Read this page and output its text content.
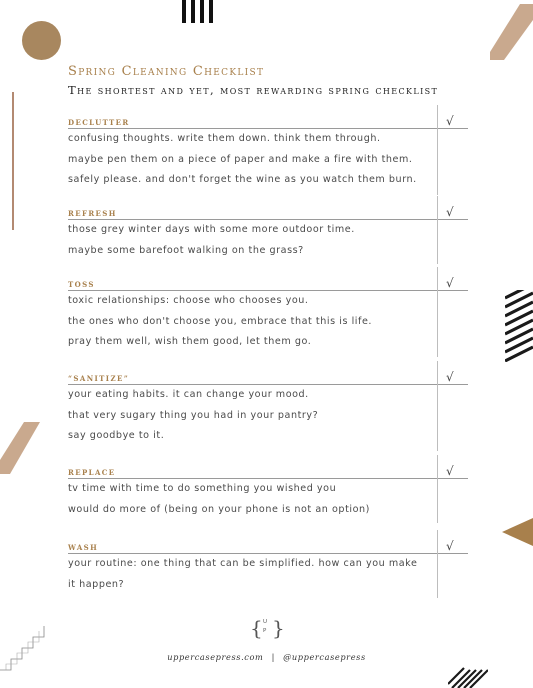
Spring Cleaning Checklist
The shortest and yet, most rewarding spring checklist
DECLUTTER	√
confusing thoughts. write them down. think them through.
maybe pen them on a piece of paper and make a fire with them.
safely please. and don't forget the wine as you watch them burn.
REFRESH	√
those grey winter days with some more outdoor time.
maybe some barefoot walking on the grass?
TOSS	√
toxic relationships: choose who chooses you.
the ones who don't choose you, embrace that this is life.
pray them well, wish them good, let them go.
“SANITIZE”	√
your eating habits. it can change your mood.
that very sugary thing you had in your pantry?
say goodbye to it.
REPLACE	√
tv time with time to do something you wished you
would do more of (being on your phone is not an option)
WASH	√
your routine: one thing that can be simplified. how can you make
it happen?
{ U
P }
uppercasepress.com | @uppercasepress
